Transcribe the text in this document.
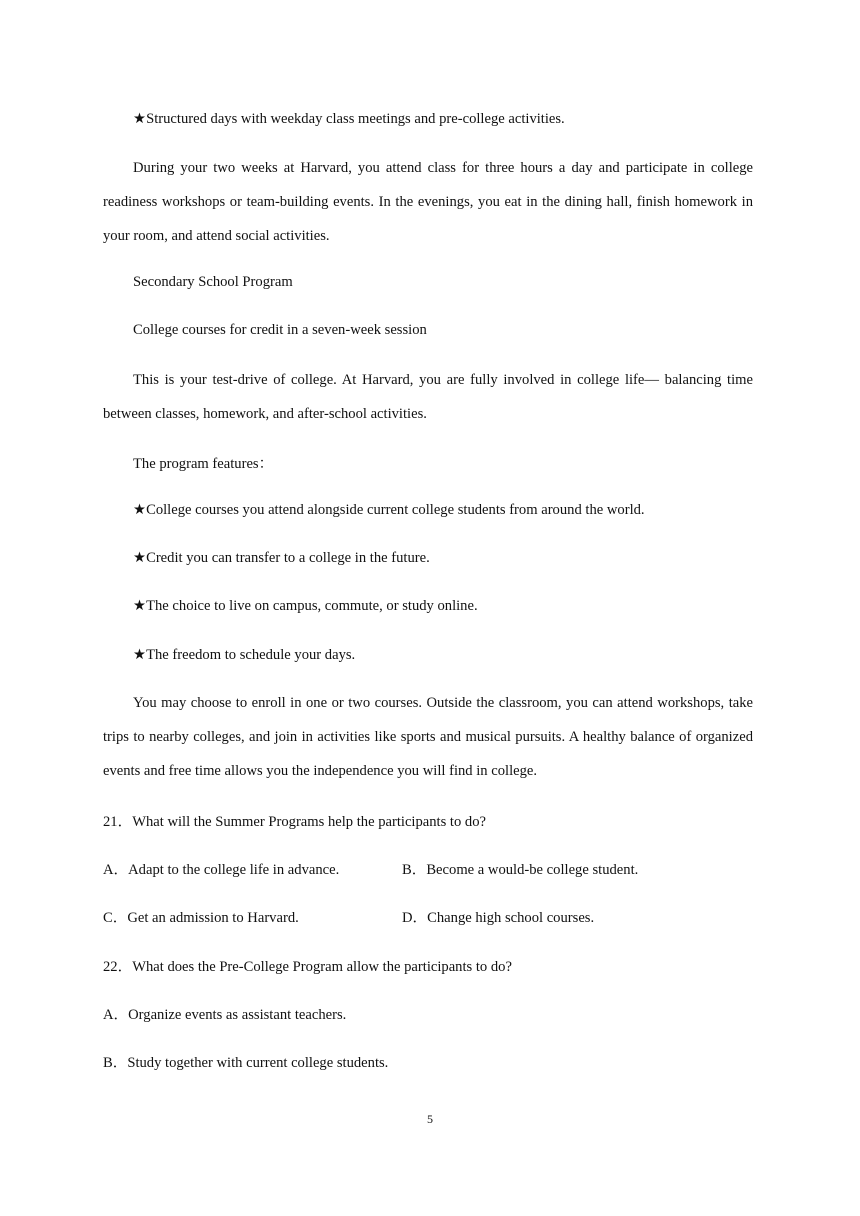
★Structured days with weekday class meetings and pre-college activities.

During your two weeks at Harvard, you attend class for three hours a day and participate in college readiness workshops or team-building events. In the evenings, you eat in the dining hall, finish homework in your room, and attend social activities.

Secondary School Program

College courses for credit in a seven-week session

This is your test-drive of college. At Harvard, you are fully involved in college life— balancing time between classes, homework, and after-school activities.

The program features：

★College courses you attend alongside current college students from around the world.

★Credit you can transfer to a college in the future.

★The choice to live on campus, commute, or study online.

★The freedom to schedule your days.

You may choose to enroll in one or two courses. Outside the classroom, you can attend workshops, take trips to nearby colleges, and join in activities like sports and musical pursuits. A healthy balance of organized events and free time allows you the independence you will find in college.

21．What will the Summer Programs help the participants to do?

A．Adapt to the college life in advance.	B．Become a would-be college student.

C．Get an admission to Harvard.	D．Change high school courses.

22．What does the Pre-College Program allow the participants to do?

A．Organize events as assistant teachers.

B．Study together with current college students.

5
